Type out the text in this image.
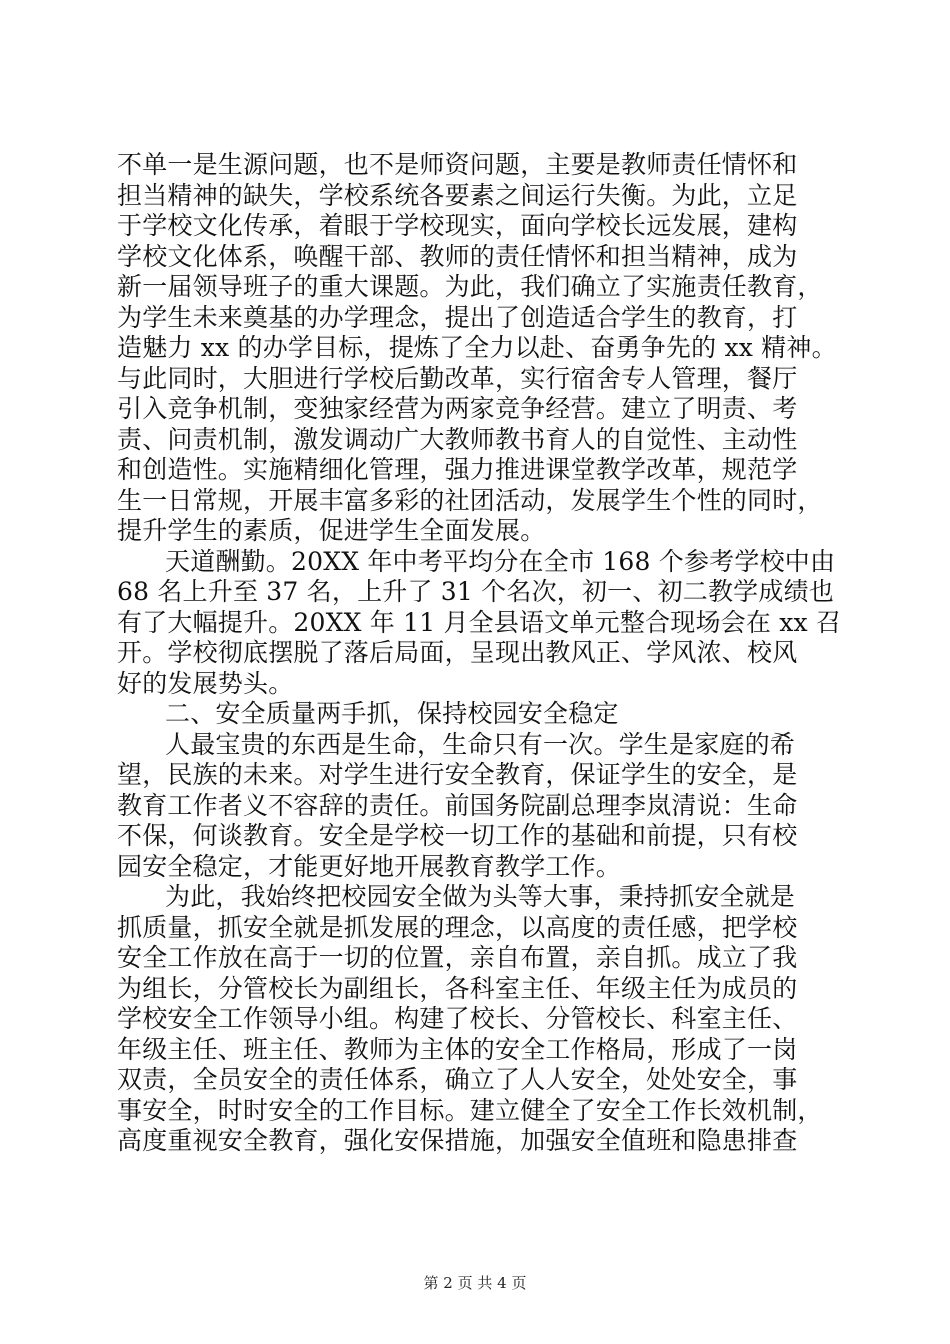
不单一是生源问题，也不是师资问题，主要是教师责任情怀和
担当精神的缺失，学校系统各要素之间运行失衡。为此，立足
于学校文化传承，着眼于学校现实，面向学校长远发展，建构
学校文化体系，唤醒干部、教师的责任情怀和担当精神，成为
新一届领导班子的重大课题。为此，我们确立了实施责任教育，
为学生未来奠基的办学理念，提出了创造适合学生的教育，打
造魅力 xx 的办学目标，提炼了全力以赴、奋勇争先的 xx 精神。
与此同时，大胆进行学校后勤改革，实行宿舍专人管理，餐厅
引入竞争机制，变独家经营为两家竞争经营。建立了明责、考
责、问责机制，激发调动广大教师教书育人的自觉性、主动性
和创造性。实施精细化管理，强力推进课堂教学改革，规范学
生一日常规，开展丰富多彩的社团活动，发展学生个性的同时，
提升学生的素质，促进学生全面发展。
天道酬勤。20XX 年中考平均分在全市 168 个参考学校中由
68 名上升至 37 名，上升了 31 个名次，初一、初二教学成绩也
有了大幅提升。20XX 年 11 月全县语文单元整合现场会在 xx 召
开。学校彻底摆脱了落后局面，呈现出教风正、学风浓、校风
好的发展势头。
二、安全质量两手抓，保持校园安全稳定
人最宝贵的东西是生命，生命只有一次。学生是家庭的希
望，民族的未来。对学生进行安全教育，保证学生的安全，是
教育工作者义不容辞的责任。前国务院副总理李岚清说：生命
不保，何谈教育。安全是学校一切工作的基础和前提，只有校
园安全稳定，才能更好地开展教育教学工作。
为此，我始终把校园安全做为头等大事，秉持抓安全就是
抓质量，抓安全就是抓发展的理念，以高度的责任感，把学校
安全工作放在高于一切的位置，亲自布置，亲自抓。成立了我
为组长，分管校长为副组长，各科室主任、年级主任为成员的
学校安全工作领导小组。构建了校长、分管校长、科室主任、
年级主任、班主任、教师为主体的安全工作格局，形成了一岗
双责，全员安全的责任体系，确立了人人安全，处处安全，事
事安全，时时安全的工作目标。建立健全了安全工作长效机制，
高度重视安全教育，强化安保措施，加强安全值班和隐患排查
第 2 页 共 4 页
